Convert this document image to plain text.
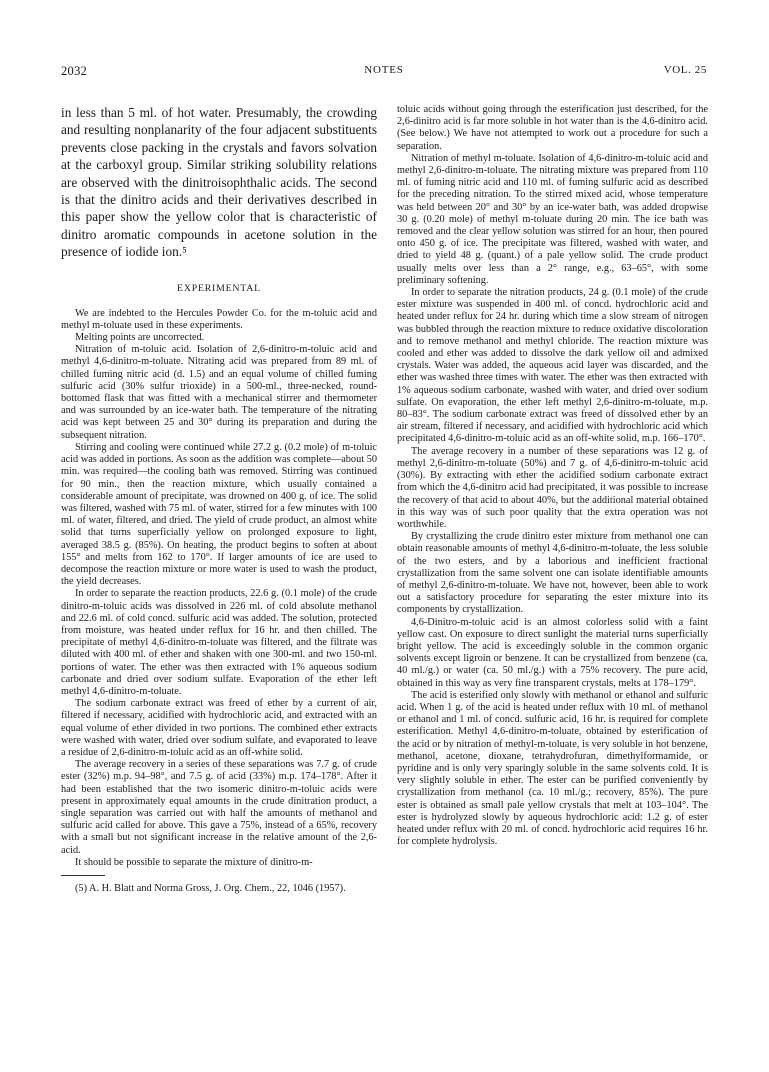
2032	NOTES	VOL. 25

in less than 5 ml. of hot water. Presumably, the crowding and resulting nonplanarity of the four adjacent substituents prevents close packing in the crystals and favors solvation at the carboxyl group. Similar striking solubility relations are observed with the dinitroisophthalic acids. The second is that the dinitro acids and their derivatives described in this paper show the yellow color that is characteristic of dinitro aromatic compounds in acetone solution in the presence of iodide ion.⁵

EXPERIMENTAL

We are indebted to the Hercules Powder Co. for the m-toluic acid and methyl m-toluate used in these experiments.

Melting points are uncorrected.

Nitration of m-toluic acid. Isolation of 2,6-dinitro-m-toluic acid and methyl 4,6-dinitro-m-toluate. Nitrating acid was prepared from 89 ml. of chilled fuming nitric acid (d. 1.5) and an equal volume of chilled fuming sulfuric acid (30% sulfur trioxide) in a 500-ml., three-necked, round-bottomed flask that was fitted with a mechanical stirrer and thermometer and was surrounded by an ice-water bath. The temperature of the nitrating acid was kept between 25 and 30° during its preparation and during the subsequent nitration.

Stirring and cooling were continued while 27.2 g. (0.2 mole) of m-toluic acid was added in portions. As soon as the addition was complete—about 50 min. was required—the cooling bath was removed. Stirring was continued for 90 min., then the reaction mixture, which usually contained a considerable amount of precipitate, was drowned on 400 g. of ice. The solid was filtered, washed with 75 ml. of water, stirred for a few minutes with 100 ml. of water, filtered, and dried. The yield of crude product, an almost white solid that turns superficially yellow on prolonged exposure to light, averaged 38.5 g. (85%). On heating, the product begins to soften at about 155° and melts from 162 to 170°. If larger amounts of ice are used to decompose the reaction mixture or more water is used to wash the product, the yield decreases.

In order to separate the reaction products, 22.6 g. (0.1 mole) of the crude dinitro-m-toluic acids was dissolved in 226 ml. of cold absolute methanol and 22.6 ml. of cold concd. sulfuric acid was added. The solution, protected from moisture, was heated under reflux for 16 hr. and then chilled. The precipitate of methyl 4,6-dinitro-m-toluate was filtered, and the filtrate was diluted with 400 ml. of ether and shaken with one 300-ml. and two 150-ml. portions of water. The ether was then extracted with 1% aqueous sodium carbonate and dried over sodium sulfate. Evaporation of the ether left methyl 4,6-dinitro-m-toluate.

The sodium carbonate extract was freed of ether by a current of air, filtered if necessary, acidified with hydrochloric acid, and extracted with an equal volume of ether divided in two portions. The combined ether extracts were washed with water, dried over sodium sulfate, and evaporated to leave a residue of 2,6-dinitro-m-toluic acid as an off-white solid.

The average recovery in a series of these separations was 7.7 g. of crude ester (32%) m.p. 94–98°, and 7.5 g. of acid (33%) m.p. 174–178°. After it had been established that the two isomeric dinitro-m-toluic acids were present in approximately equal amounts in the crude dinitration product, a single separation was carried out with half the amounts of methanol and sulfuric acid called for above. This gave a 75%, instead of a 65%, recovery with a small but not significant increase in the relative amount of the 2,6- acid.

It should be possible to separate the mixture of dinitro-m-

(5) A. H. Blatt and Norma Gross, J. Org. Chem., 22, 1046 (1957).

toluic acids without going through the esterification just described, for the 2,6-dinitro acid is far more soluble in hot water than is the 4,6-dinitro acid. (See below.) We have not attempted to work out a procedure for such a separation.

Nitration of methyl m-toluate. Isolation of 4,6-dinitro-m-toluic acid and methyl 2,6-dinitro-m-toluate. The nitrating mixture was prepared from 110 ml. of fuming nitric acid and 110 ml. of fuming sulfuric acid as described for the preceding nitration. To the stirred mixed acid, whose temperature was held between 20° and 30° by an ice-water bath, was added dropwise 30 g. (0.20 mole) of methyl m-toluate during 20 min. The ice bath was removed and the clear yellow solution was stirred for an hour, then poured onto 450 g. of ice. The precipitate was filtered, washed with water, and dried to yield 48 g. (quant.) of a pale yellow solid. The crude product usually melts over less than a 2° range, e.g., 63–65°, with some preliminary softening.

In order to separate the nitration products, 24 g. (0.1 mole) of the crude ester mixture was suspended in 400 ml. of concd. hydrochloric acid and heated under reflux for 24 hr. during which time a slow stream of nitrogen was bubbled through the reaction mixture to reduce oxidative discoloration and to remove methanol and methyl chloride. The reaction mixture was cooled and ether was added to dissolve the dark yellow oil and admixed crystals. Water was added, the aqueous acid layer was discarded, and the ether was washed three times with water. The ether was then extracted with 1% aqueous sodium carbonate, washed with water, and dried over sodium sulfate. On evaporation, the ether left methyl 2,6-dinitro-m-toluate, m.p. 80–83°. The sodium carbonate extract was freed of dissolved ether by an air stream, filtered if necessary, and acidified with hydrochloric acid which precipitated 4,6-dinitro-m-toluic acid as an off-white solid, m.p. 166–170°.

The average recovery in a number of these separations was 12 g. of methyl 2,6-dinitro-m-toluate (50%) and 7 g. of 4,6-dinitro-m-toluic acid (30%). By extracting with ether the acidified sodium carbonate extract from which the 4,6-dinitro acid had precipitated, it was possible to increase the recovery of that acid to about 40%, but the additional material obtained in this way was of such poor quality that the extra operation was not worthwhile.

By crystallizing the crude dinitro ester mixture from methanol one can obtain reasonable amounts of methyl 4,6-dinitro-m-toluate, the less soluble of the two esters, and by a laborious and inefficient fractional crystallization from the same solvent one can isolate identifiable amounts of methyl 2,6-dinitro-m-toluate. We have not, however, been able to work out a satisfactory procedure for separating the ester mixture into its components by crystallization.

4,6-Dinitro-m-toluic acid is an almost colorless solid with a faint yellow cast. On exposure to direct sunlight the material turns superficially bright yellow. The acid is exceedingly soluble in the common organic solvents except ligroin or benzene. It can be crystallized from benzene (ca. 40 ml./g.) or water (ca. 50 ml./g.) with a 75% recovery. The pure acid, obtained in this way as very fine transparent crystals, melts at 178–179°.

The acid is esterified only slowly with methanol or ethanol and sulfuric acid. When 1 g. of the acid is heated under reflux with 10 ml. of methanol or ethanol and 1 ml. of concd. sulfuric acid, 16 hr. is required for complete esterification. Methyl 4,6-dinitro-m-toluate, obtained by esterification of the acid or by nitration of methyl-m-toluate, is very soluble in hot benzene, methanol, acetone, dioxane, tetrahydrofuran, dimethylformamide, or pyridine and is only very sparingly soluble in the same solvents cold. It is very slightly soluble in ether. The ester can be purified conveniently by crystallization from methanol (ca. 10 ml./g.; recovery, 85%). The pure ester is obtained as small pale yellow crystals that melt at 103–104°. The ester is hydrolyzed slowly by aqueous hydrochloric acid: 1.2 g. of ester heated under reflux with 20 ml. of concd. hydrochloric acid requires 16 hr. for complete hydrolysis.
